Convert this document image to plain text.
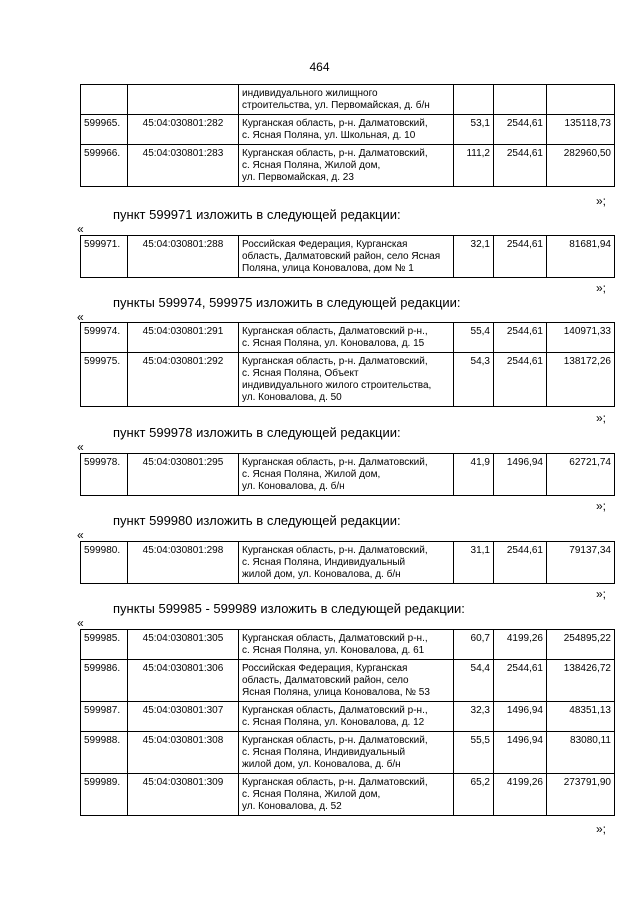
464

		индивидуального жилищного
строительства, ул. Первомайская, д. б/н			

599965.	45:04:030801:282	Курганская область, р-н. Далматовский,
с. Ясная Поляна, ул. Школьная, д. 10	53,1	2544,61	135118,73
599966.	45:04:030801:283	Курганская область, р-н. Далматовский,
с. Ясная Поляна, Жилой дом,
ул. Первомайская, д. 23	111,2	2544,61	282960,50
»;
пункт 599971 изложить в следующей редакции:
«
599971.	45:04:030801:288	Российская Федерация, Курганская
область, Далматовский район, село Ясная
Поляна, улица Коновалова, дом № 1
	32,1	2544,61	81681,94
»;
пункты 599974, 599975 изложить в следующей редакции:
«
599974.	45:04:030801:291	Курганская область, Далматовский р-н.,
с. Ясная Поляна, ул. Коновалова, д. 15	55,4	2544,61	140971,33
599975.	45:04:030801:292	Курганская область, р-н. Далматовский,
с. Ясная Поляна, Объект
индивидуального жилого строительства,
ул. Коновалова, д. 50	54,3	2544,61	138172,26
»;
пункт 599978 изложить в следующей редакции:
«
599978.	45:04:030801:295	Курганская область, р-н. Далматовский,
с. Ясная Поляна, Жилой дом,
ул. Коновалова, д. б/н
	41,9	1496,94	62721,74
»;
пункт 599980 изложить в следующей редакции:
«
599980.	45:04:030801:298	Курганская область, р-н. Далматовский,
с. Ясная Поляна, Индивидуальный
жилой дом, ул. Коновалова, д. б/н
	31,1	2544,61	79137,34
»;
пункты 599985 - 599989 изложить в следующей редакции:
«
599985.	45:04:030801:305	Курганская область, Далматовский р-н.,
с. Ясная Поляна, ул. Коновалова, д. 61	60,7	4199,26	254895,22
599986.	45:04:030801:306	Российская Федерация, Курганская
область, Далматовский район, село
Ясная Поляна, улица Коновалова, № 53	54,4	2544,61	138426,72
599987.	45:04:030801:307	Курганская область, Далматовский р-н.,
с. Ясная Поляна, ул. Коновалова, д. 12	32,3	1496,94	48351,13
599988.	45:04:030801:308	Курганская область, р-н. Далматовский,
с. Ясная Поляна, Индивидуальный
жилой дом, ул. Коновалова, д. б/н	55,5	1496,94	83080,11
599989.	45:04:030801:309	Курганская область, р-н. Далматовский,
с. Ясная Поляна, Жилой дом,
ул. Коновалова, д. 52	65,2	4199,26	273791,90
»;
